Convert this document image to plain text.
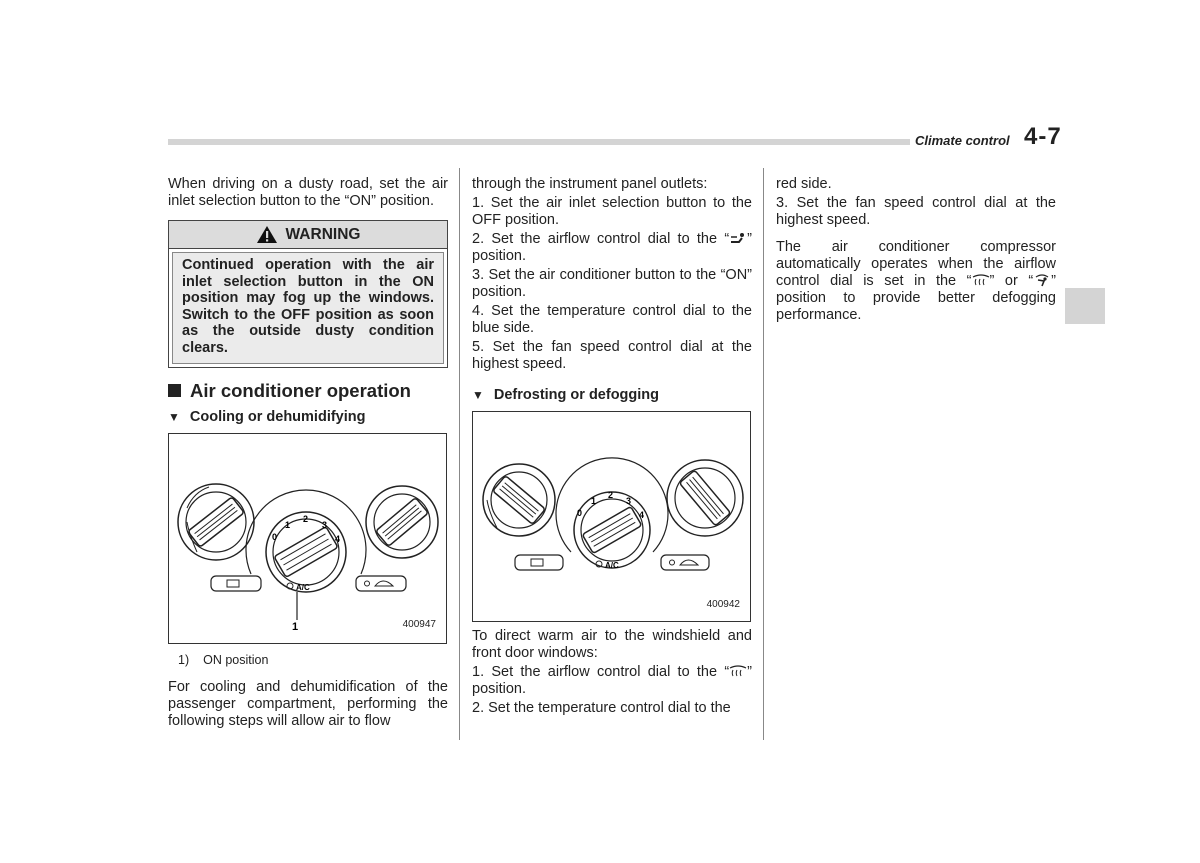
Climate control 4-7

When driving on a dusty road, set the air inlet selection button to the “ON” position.

WARNING
Continued operation with the air inlet selection button in the ON position may fog up the windows. Switch to the OFF position as soon as the outside dusty condition clears.
Air conditioner operation
▼ Cooling or dehumidifying
0
1
2
3
4
A/C
1	400947
1) ON position

For cooling and dehumidification of the passenger compartment, performing the following steps will allow air to flow

through the instrument panel outlets:

1. Set the air inlet selection button to the OFF position.

2. Set the airflow control dial to the “ ” position.

3. Set the air conditioner button to the “ON” position.

4. Set the temperature control dial to the blue side.

5. Set the fan speed control dial at the highest speed.

▼ Defrosting or defogging
0
1
2
3
4
A/C
400942

To direct warm air to the windshield and front door windows:

1. Set the airflow control dial to the “ ” position.

2. Set the temperature control dial to the

red side.

3. Set the fan speed control dial at the highest speed.

The air conditioner compressor automatically operates when the airflow control dial is set in the “ ” or “ ” position to provide better defogging performance.
